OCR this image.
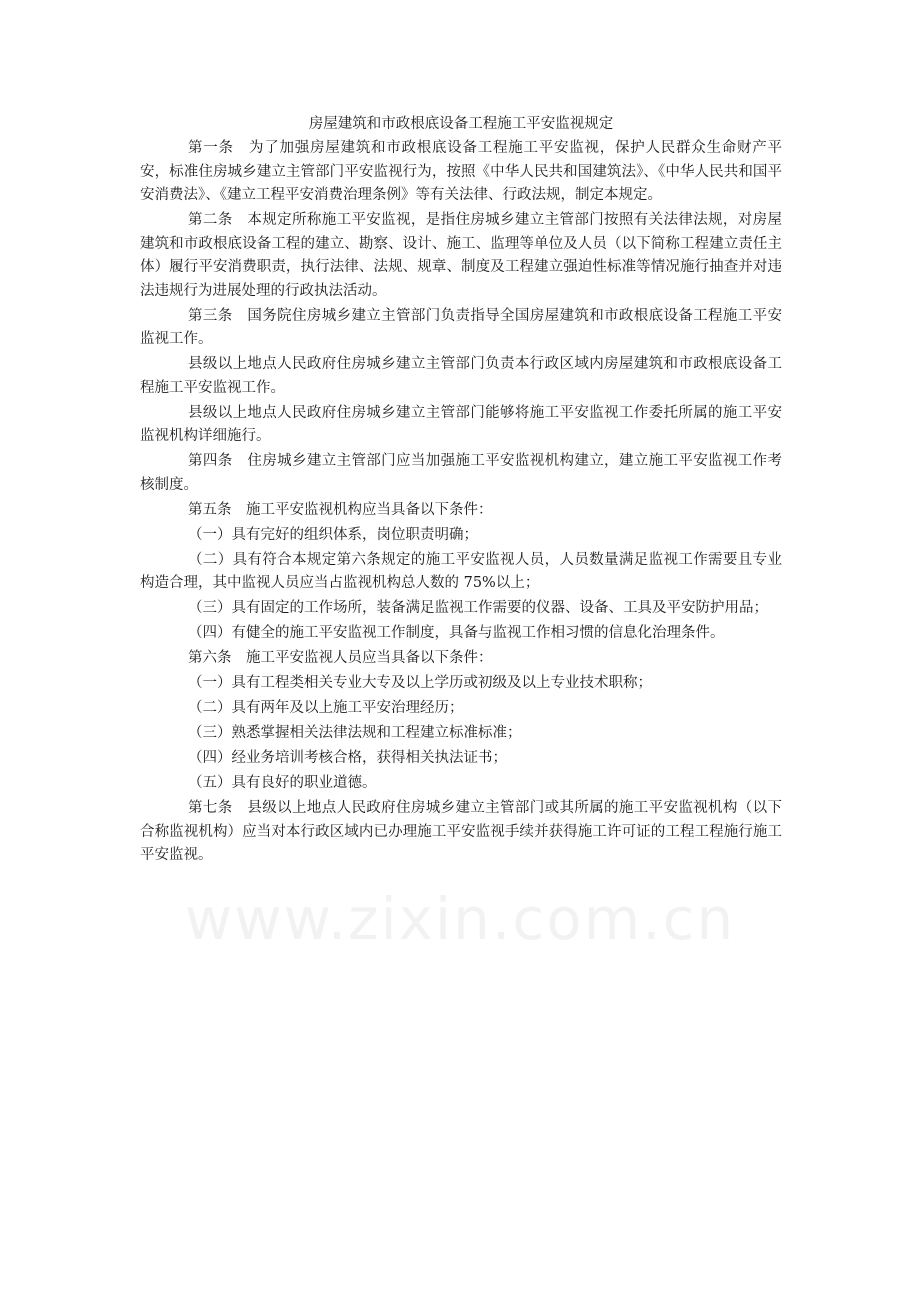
房屋建筑和市政根底设备工程施工平安监视规定

第一条　为了加强房屋建筑和市政根底设备工程施工平安监视，保护人民群众生命财产平安，标准住房城乡建立主管部门平安监视行为，按照《中华人民共和国建筑法》、《中华人民共和国平安消费法》、《建立工程平安消费治理条例》等有关法律、行政法规，制定本规定。

第二条　本规定所称施工平安监视，是指住房城乡建立主管部门按照有关法律法规，对房屋建筑和市政根底设备工程的建立、勘察、设计、施工、监理等单位及人员（以下简称工程建立责任主体）履行平安消费职责，执行法律、法规、规章、制度及工程建立强迫性标准等情况施行抽查并对违法违规行为进展处理的行政执法活动。

第三条　国务院住房城乡建立主管部门负责指导全国房屋建筑和市政根底设备工程施工平安监视工作。

县级以上地点人民政府住房城乡建立主管部门负责本行政区域内房屋建筑和市政根底设备工程施工平安监视工作。

县级以上地点人民政府住房城乡建立主管部门能够将施工平安监视工作委托所属的施工平安监视机构详细施行。

第四条　住房城乡建立主管部门应当加强施工平安监视机构建立，建立施工平安监视工作考核制度。

第五条　施工平安监视机构应当具备以下条件：

（一）具有完好的组织体系，岗位职责明确；

（二）具有符合本规定第六条规定的施工平安监视人员，人员数量满足监视工作需要且专业构造合理，其中监视人员应当占监视机构总人数的 75%以上；

（三）具有固定的工作场所，装备满足监视工作需要的仪器、设备、工具及平安防护用品；

（四）有健全的施工平安监视工作制度，具备与监视工作相习惯的信息化治理条件。

第六条　施工平安监视人员应当具备以下条件：

（一）具有工程类相关专业大专及以上学历或初级及以上专业技术职称；

（二）具有两年及以上施工平安治理经历；

（三）熟悉掌握相关法律法规和工程建立标准标准；

（四）经业务培训考核合格，获得相关执法证书；

（五）具有良好的职业道德。

第七条　县级以上地点人民政府住房城乡建立主管部门或其所属的施工平安监视机构（以下合称监视机构）应当对本行政区域内已办理施工平安监视手续并获得施工许可证的工程工程施行施工平安监视。

www.zixin.com.cn
